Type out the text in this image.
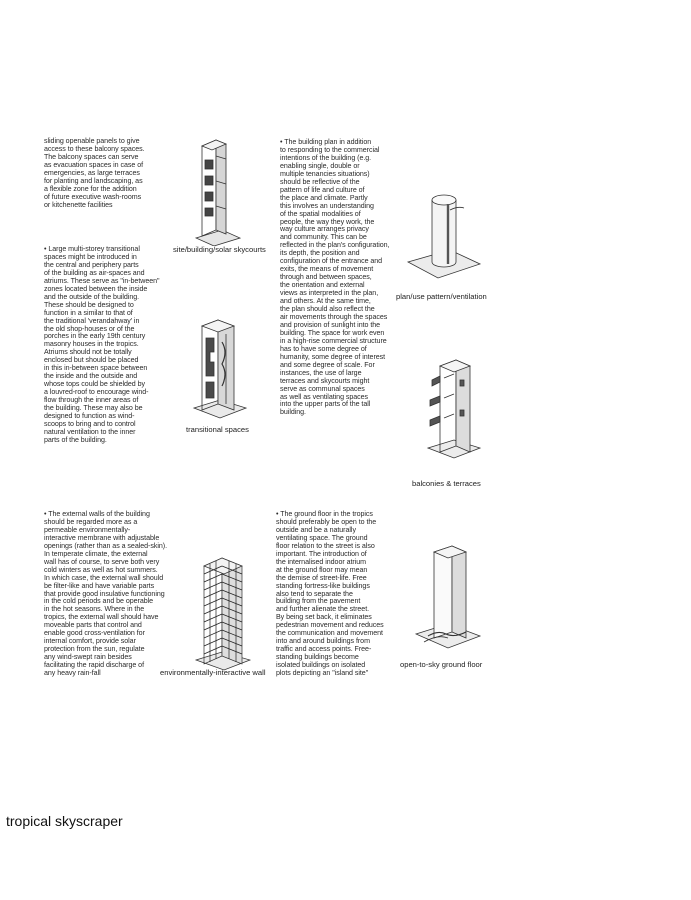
sliding openable panels to give
access to these balcony spaces.
The balcony spaces can serve
as evacuation spaces in case of
emergencies, as large terraces
for planting and landscaping, as
a flexible zone for the addition
of future executive wash-rooms
or kitchenette facilities
• Large multi-storey transitional
spaces might be introduced in
the central and periphery parts
of the building as air-spaces and
atriums. These serve as "in-between"
zones located between the inside
and the outside of the building.
These should be designed to
function in a similar to that of
the traditional 'verandahway' in
the old shop-houses or of the
porches in the early 19th century
masonry houses in the tropics.
Atriums should not be totally
enclosed but should be placed
in this in-between space between
the inside and the outside and
whose tops could be shielded by
a louvred-roof to encourage wind-
flow through the inner areas of
the building. These may also be
designed to function as wind-
scoops to bring and to control
natural ventilation to the inner
parts of the building.
• The external walls of the building
should be regarded more as a
permeable environmentally-
interactive membrane with adjustable
openings (rather than as a sealed-skin).
In temperate climate, the external
wall has of course, to serve both very
cold winters as well as hot summers.
In which case, the external wall should
be filter-like and have variable parts
that provide good insulative functioning
in the cold periods and be operable
in the hot seasons. Where in the
tropics, the external wall should have
moveable parts that control and
enable good cross-ventilation for
internal comfort, provide solar
protection from the sun, regulate
any wind-swept rain besides
facilitating the rapid discharge of
any heavy rain-fall
• The building plan in addition
to responding to the commercial
intentions of the building (e.g.
enabling single, double or
multiple tenancies situations)
should be reflective of the
pattern of life and culture of
the place and climate. Partly
this involves an understanding
of the spatial modalities of
people, the way they work, the
way culture arranges privacy
and community. This can be
reflected in the plan's configuration,
its depth, the position and
configuration of the entrance and
exits, the means of movement
through and between spaces,
the orientation and external
views as interpreted in the plan,
and others. At the same time,
the plan should also reflect the
air movements through the spaces
and provision of sunlight into the
building. The space for work even
in a high-rise commercial structure
has to have some degree of
humanity, some degree of interest
and some degree of scale. For
instances, the use of large
terraces and skycourts might
serve as communal spaces
as well as ventilating spaces
into the upper parts of the tall
building.
• The ground floor in the tropics
should preferably be open to the
outside and be a naturally
ventilating space. The ground
floor relation to the street is also
important. The introduction of
the internalised indoor atrium
at the ground floor may mean
the demise of street-life. Free
standing fortress-like buildings
also tend to separate the
building from the pavement
and further alienate the street.
By being set back, it eliminates
pedestrian movement and reduces
the communication and movement
into and around buildings from
traffic and access points. Free-
standing buildings become
isolated buildings on isolated
plots depicting an "island site"
site/building/solar skycourts
transitional spaces
environmentally-interactive wall
plan/use pattern/ventilation
balconies & terraces
open-to-sky ground floor
tropical skyscraper
